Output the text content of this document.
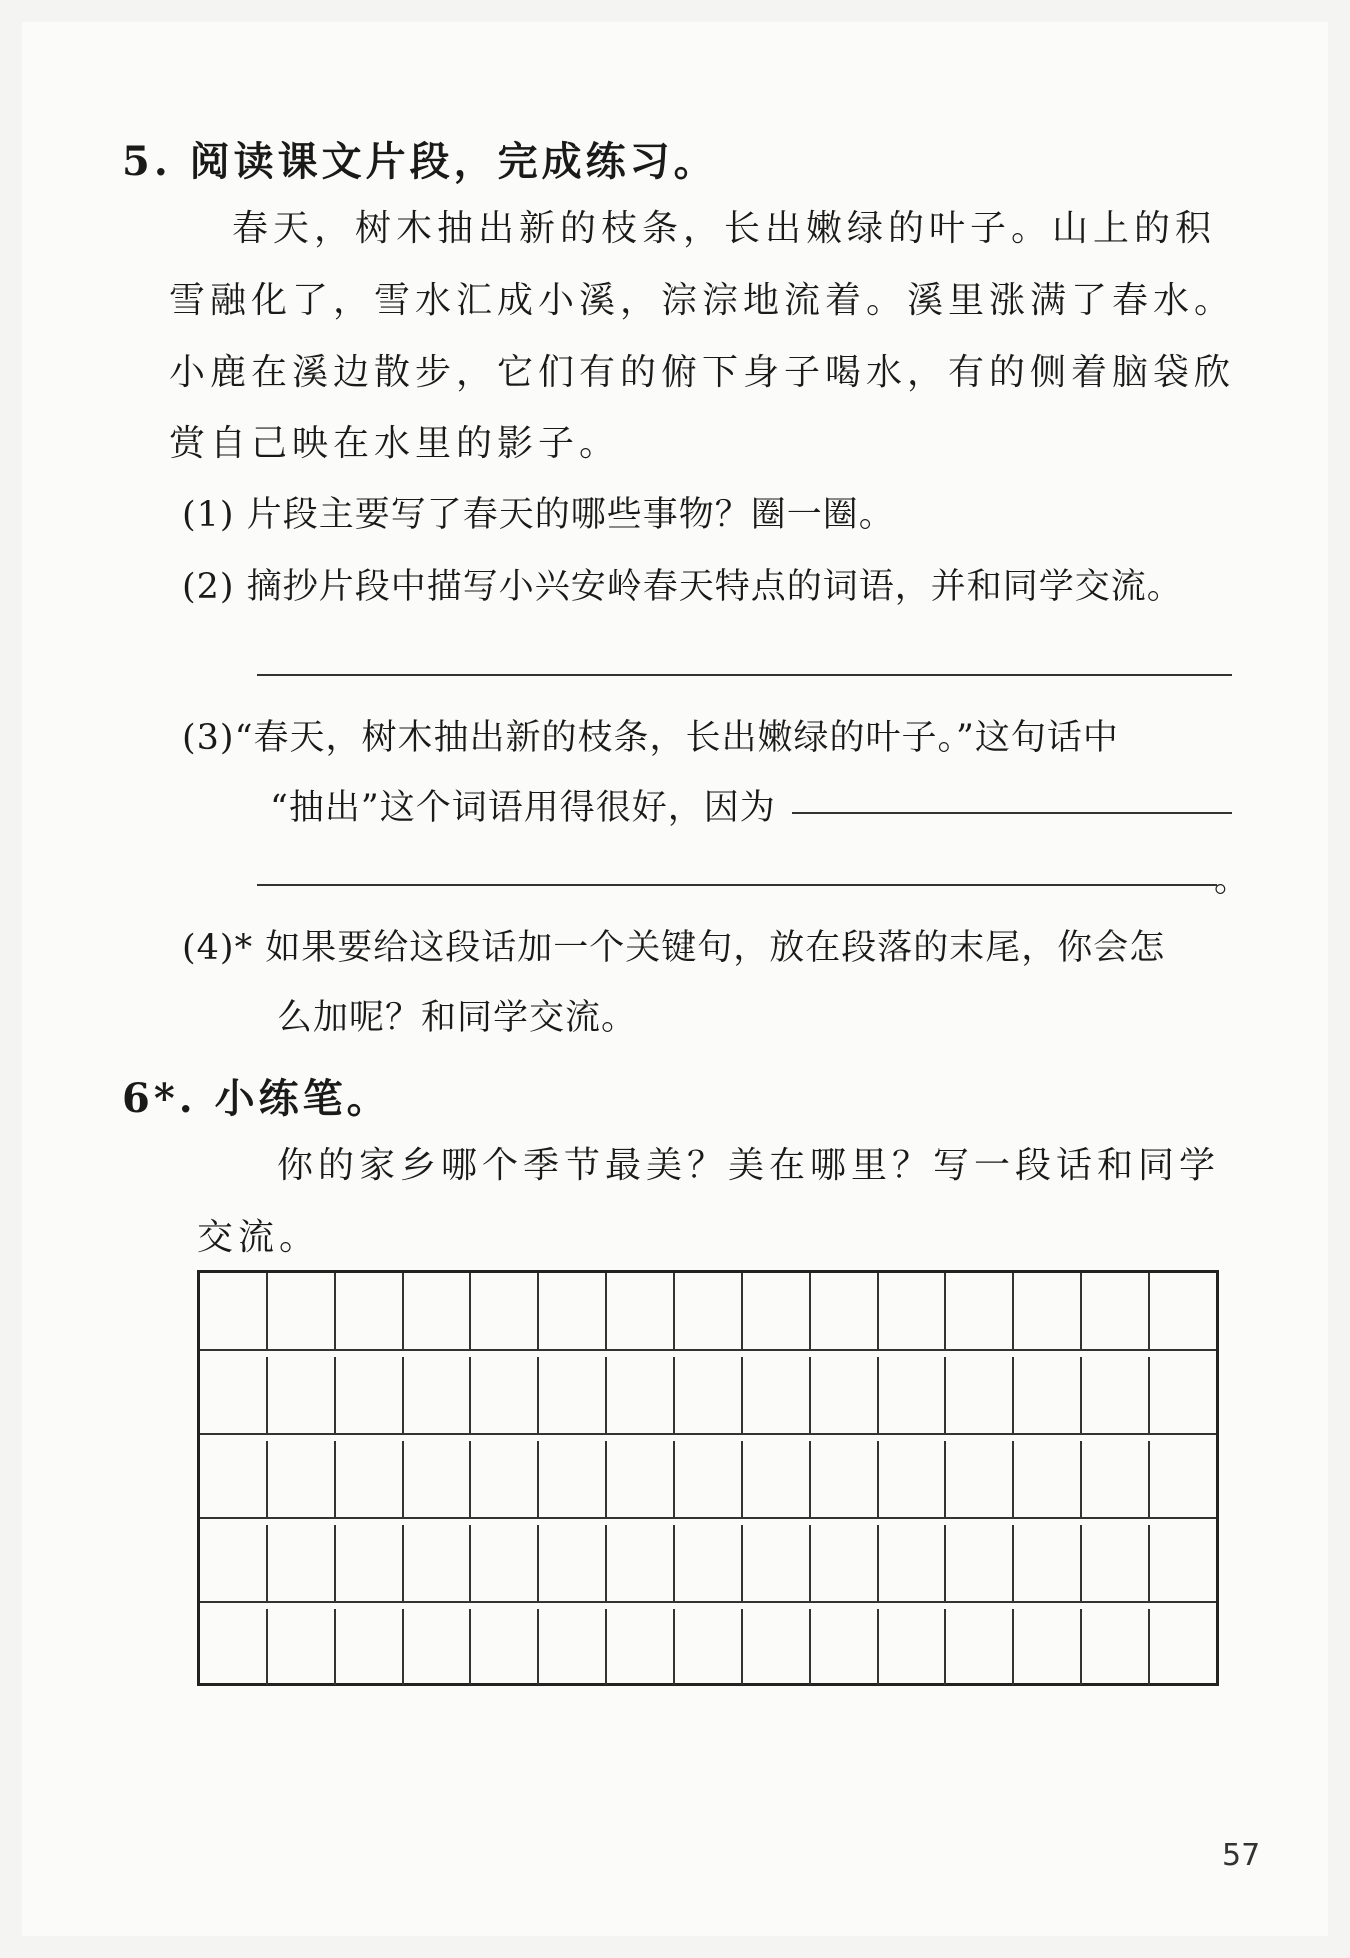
5. 阅读课文片段，完成练习。
春天，树木抽出新的枝条，长出嫩绿的叶子。山上的积
雪融化了，雪水汇成小溪，淙淙地流着。溪里涨满了春水。
小鹿在溪边散步，它们有的俯下身子喝水，有的侧着脑袋欣
赏自己映在水里的影子。
(1) 片段主要写了春天的哪些事物？圈一圈。
(2) 摘抄片段中描写小兴安岭春天特点的词语，并和同学交流。
(3)“春天，树木抽出新的枝条，长出嫩绿的叶子。”这句话中
“抽出”这个词语用得很好，因为
。
(4)* 如果要给这段话加一个关键句，放在段落的末尾，你会怎
么加呢？和同学交流。
6*. 小练笔。
你的家乡哪个季节最美？美在哪里？写一段话和同学
交流。
57
